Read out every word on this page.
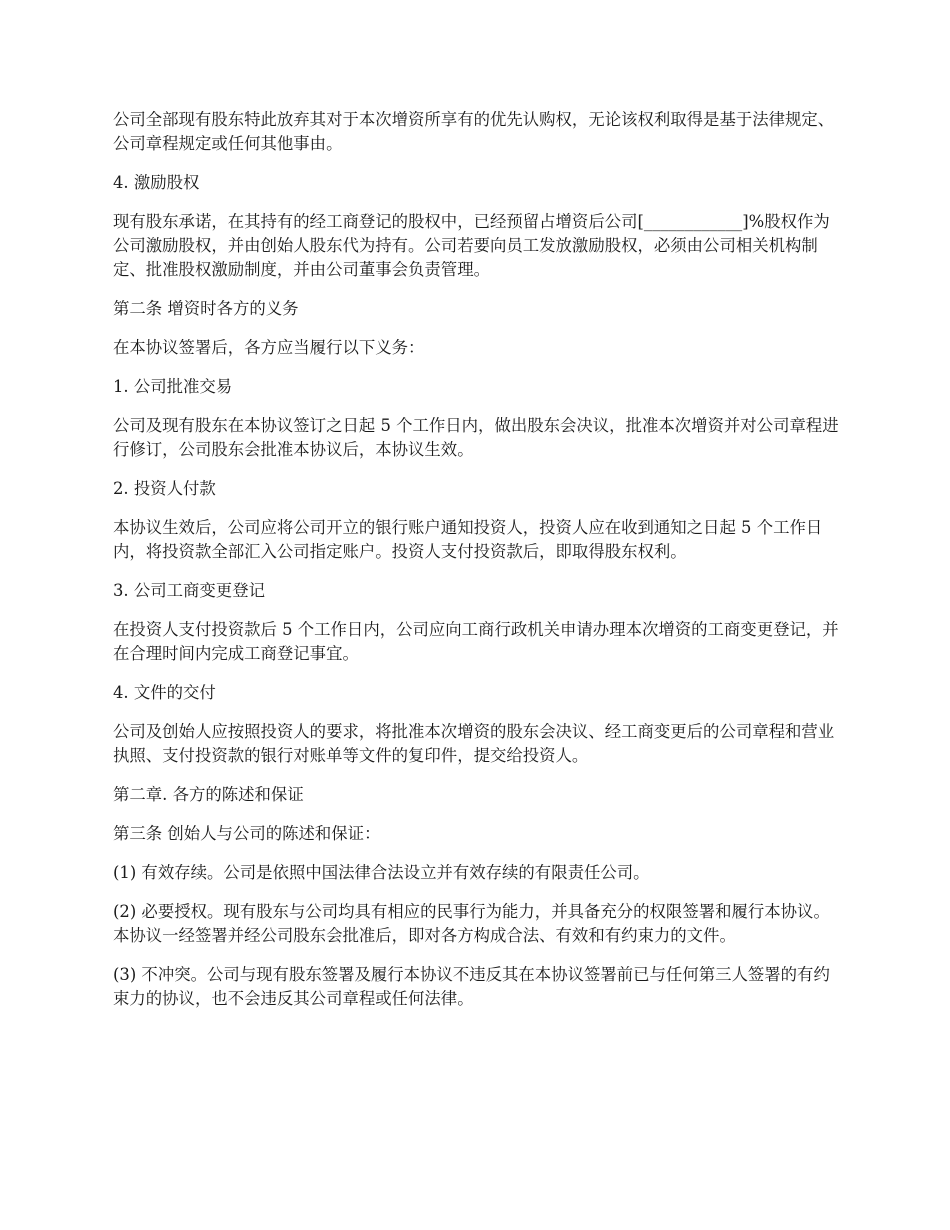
公司全部现有股东特此放弃其对于本次增资所享有的优先认购权，无论该权利取得是基于法律规定、公司章程规定或任何其他事由。

4. 激励股权

现有股东承诺，在其持有的经工商登记的股权中，已经预留占增资后公司[____________]%股权作为公司激励股权，并由创始人股东代为持有。公司若要向员工发放激励股权，必须由公司相关机构制定、批准股权激励制度，并由公司董事会负责管理。

第二条 增资时各方的义务

在本协议签署后，各方应当履行以下义务：

1. 公司批准交易

公司及现有股东在本协议签订之日起 5 个工作日内，做出股东会决议，批准本次增资并对公司章程进行修订，公司股东会批准本协议后，本协议生效。

2. 投资人付款

本协议生效后，公司应将公司开立的银行账户通知投资人，投资人应在收到通知之日起 5 个工作日内，将投资款全部汇入公司指定账户。投资人支付投资款后，即取得股东权利。

3. 公司工商变更登记

在投资人支付投资款后 5 个工作日内，公司应向工商行政机关申请办理本次增资的工商变更登记，并在合理时间内完成工商登记事宜。

4. 文件的交付

公司及创始人应按照投资人的要求，将批准本次增资的股东会决议、经工商变更后的公司章程和营业执照、支付投资款的银行对账单等文件的复印件，提交给投资人。

第二章. 各方的陈述和保证

第三条 创始人与公司的陈述和保证：

(1) 有效存续。公司是依照中国法律合法设立并有效存续的有限责任公司。

(2) 必要授权。现有股东与公司均具有相应的民事行为能力，并具备充分的权限签署和履行本协议。本协议一经签署并经公司股东会批准后，即对各方构成合法、有效和有约束力的文件。

(3) 不冲突。公司与现有股东签署及履行本协议不违反其在本协议签署前已与任何第三人签署的有约束力的协议，也不会违反其公司章程或任何法律。
